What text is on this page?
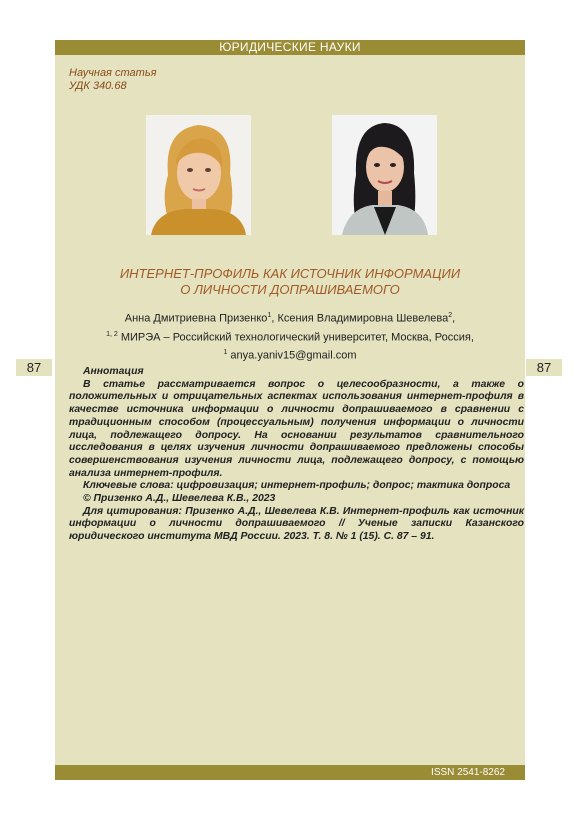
ЮРИДИЧЕСКИЕ НАУКИ
87	87
Научная статья
УДК 340.68
ИНТЕРНЕТ-ПРОФИЛЬ КАК ИСТОЧНИК ИНФОРМАЦИИ
О ЛИЧНОСТИ ДОПРАШИВАЕМОГО
Анна Дмитриевна Призенко$^1$, Ксения Владимировна Шевелева$^2$,
$^{1, 2}$ МИРЭА – Российский технологический университет, Москва, Россия,
$^1$ anya.yaniv15@gmail.com

Аннотация

В статье рассматривается вопрос о целесообразности, а также о положительных и отрицательных аспектах использования интернет-профиля в качестве источника информации о личности допрашиваемого в сравнении с традиционным способом (процессуальным) получения информации о личности лица, подлежащего допросу. На основании результатов сравнительного исследования в целях изучения личности допрашиваемого предложены способы совершенствования изучения личности лица, подлежащего допросу, с помощью анализа интернет-профиля.

Ключевые слова: цифровизация; интернет-профиль; допрос; тактика допроса

© Призенко А.Д., Шевелева К.В., 2023

Для цитирования: Призенко А.Д., Шевелева К.В. Интернет-профиль как источник информации о личности допрашиваемого // Ученые записки Казанского юридического института МВД России. 2023. Т. 8. № 1 (15). С. 87 – 91.

ISSN 2541-8262
